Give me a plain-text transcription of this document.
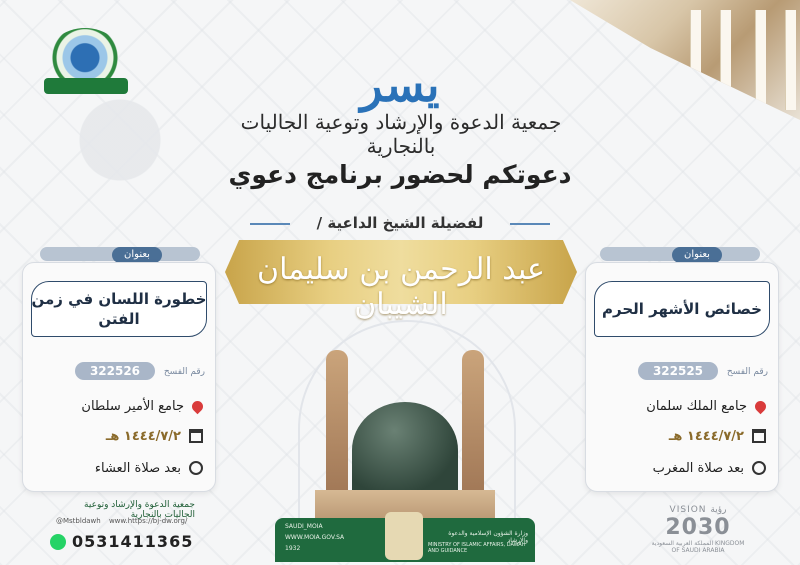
يسر
جمعية الدعوة والإرشاد وتوعية الجاليات بالنجارية
دعوتكم لحضور برنامج دعوي
لفضيلة الشيخ الداعية /
عبد الرحمن بن سليمان الشيبان
بعنوان
خصائص الأشهر الحرم
322525	رقم الفسح
جامع الملك سلمان
١٤٤٤/٧/٢ هـ
بعد صلاة المغرب
بعنوان
خطورة اللسان في زمن الفتن
322526	رقم الفسح
جامع الأمير سلطان
١٤٤٤/٧/٢ هـ
بعد صلاة العشاء
SAUDI_MOIA
WWW.MOIA.GOV.SA
1932
وزارة الشؤون الإسلامية والدعوة والإرشاد
MINISTRY OF ISLAMIC AFFAIRS, DAWAH AND GUIDANCE
جمعية الدعوة والإرشاد وتوعية الجاليات بالنجارية
@Mstbldawh www.https://bj-dw.org/
0531411365
VISION رؤية
2030
المملكة العربية السعودية KINGDOM OF SAUDI ARABIA
